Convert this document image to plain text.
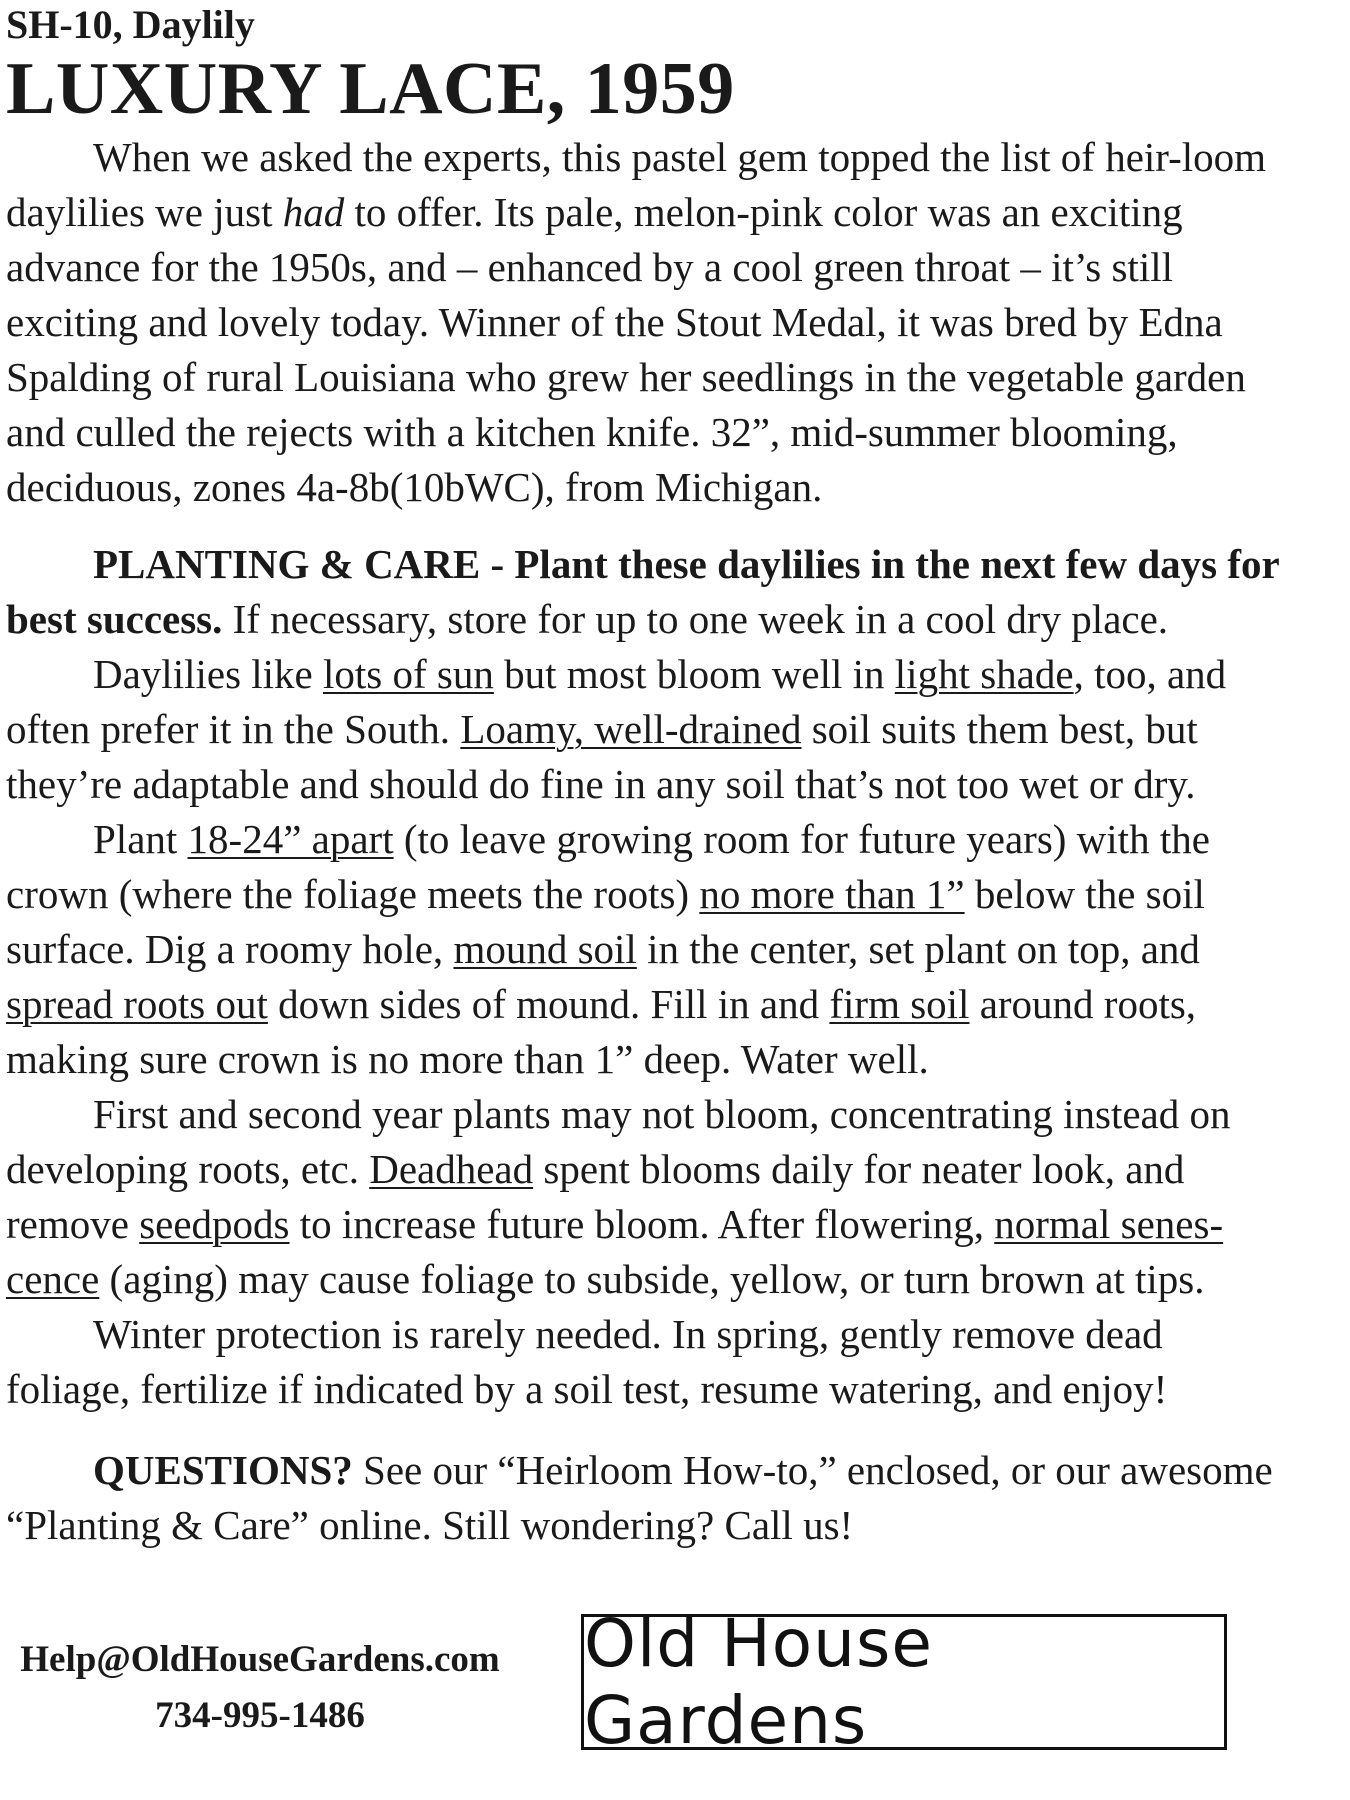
SH-10, Daylily
LUXURY LACE, 1959

When we asked the experts, this pastel gem topped the list of heir-loom daylilies we just had to offer. Its pale, melon-pink color was an exciting advance for the 1950s, and – enhanced by a cool green throat – it’s still exciting and lovely today. Winner of the Stout Medal, it was bred by Edna Spalding of rural Louisiana who grew her seedlings in the vegetable garden and culled the rejects with a kitchen knife. 32”, mid-summer blooming, deciduous, zones 4a-8b(10bWC), from Michigan.

PLANTING & CARE - Plant these daylilies in the next few days for best success. If necessary, store for up to one week in a cool dry place.

Daylilies like lots of sun but most bloom well in light shade, too, and often prefer it in the South. Loamy, well-drained soil suits them best, but they’re adaptable and should do fine in any soil that’s not too wet or dry.

Plant 18-24” apart (to leave growing room for future years) with the crown (where the foliage meets the roots) no more than 1” below the soil surface. Dig a roomy hole, mound soil in the center, set plant on top, and spread roots out down sides of mound. Fill in and firm soil around roots, making sure crown is no more than 1” deep. Water well.

First and second year plants may not bloom, concentrating instead on developing roots, etc. Deadhead spent blooms daily for neater look, and remove seedpods to increase future bloom. After flowering, normal senes-cence (aging) may cause foliage to subside, yellow, or turn brown at tips.

Winter protection is rarely needed. In spring, gently remove dead foliage, fertilize if indicated by a soil test, resume watering, and enjoy!

QUESTIONS? See our “Heirloom How-to,” enclosed, or our awesome “Planting & Care” online. Still wondering? Call us!

Help@OldHouseGardens.com
734-995-1486
Old House Gardens
